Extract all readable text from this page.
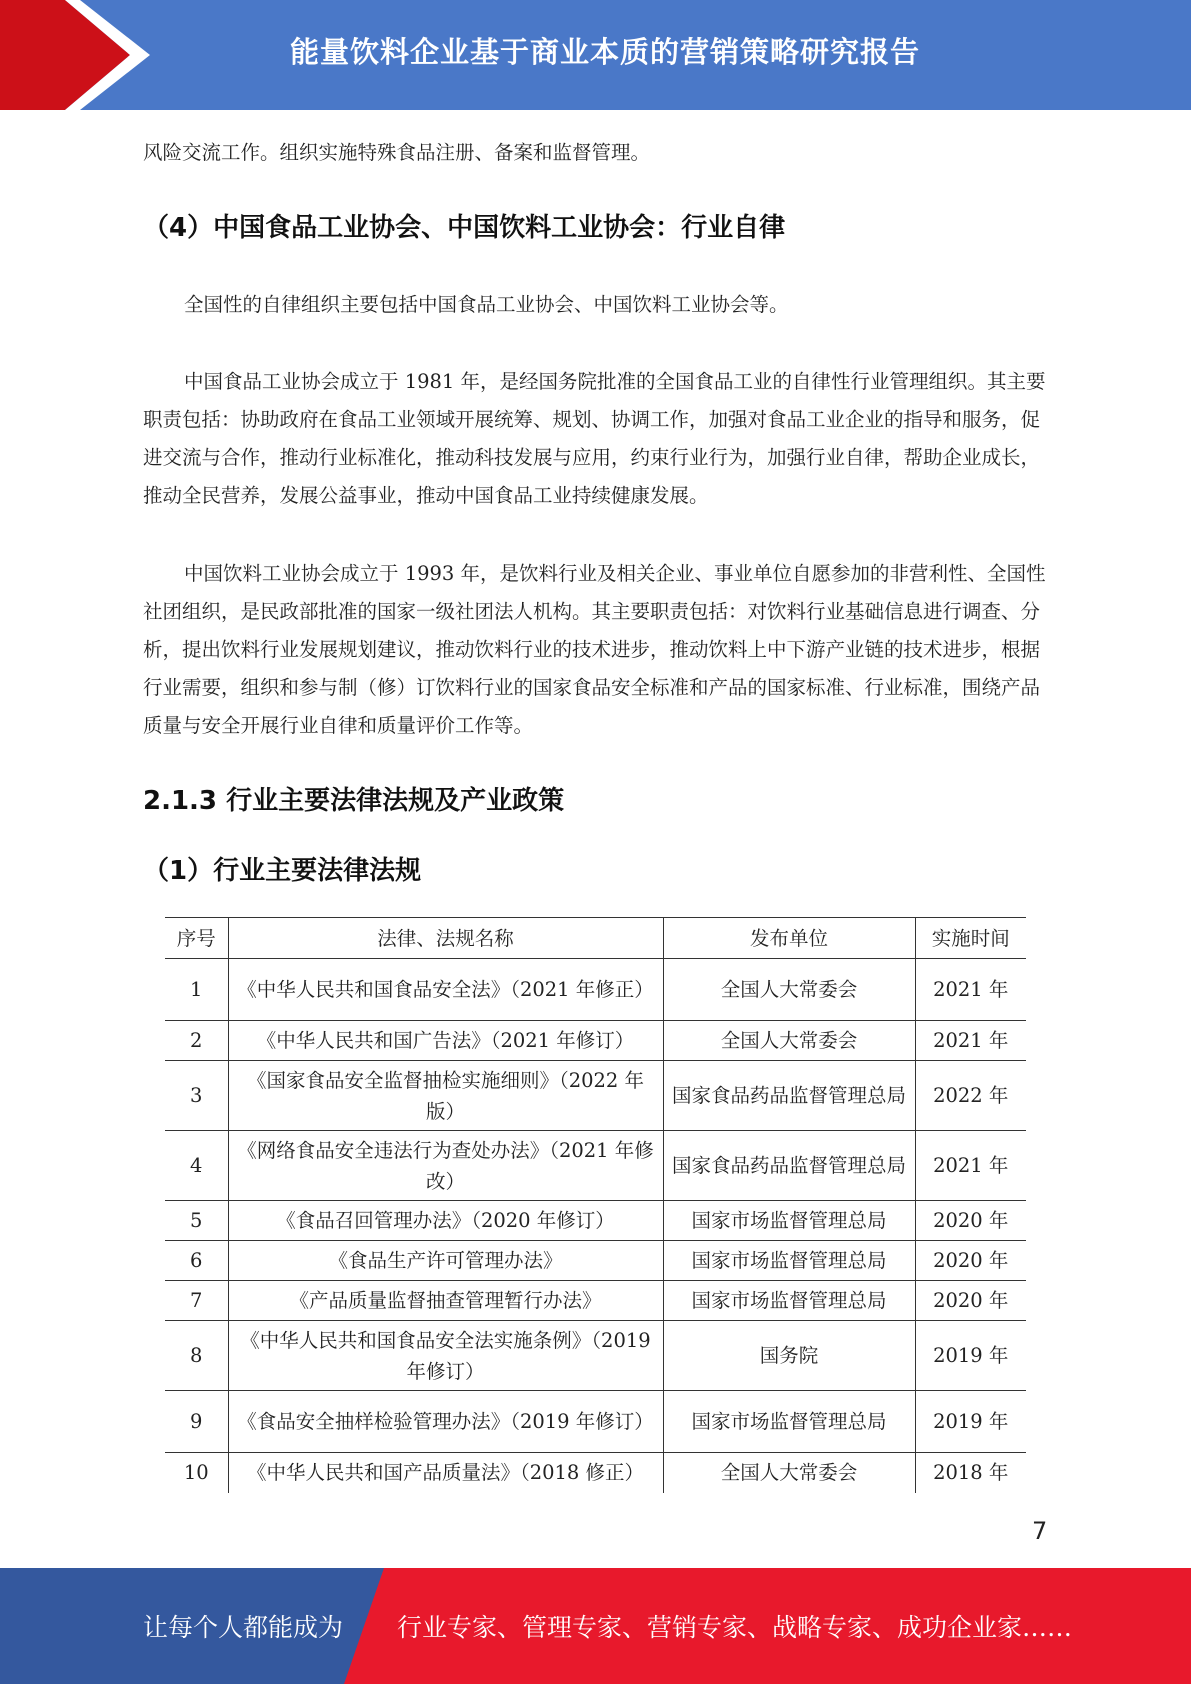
能量饮料企业基于商业本质的营销策略研究报告
风险交流工作。组织实施特殊食品注册、备案和监督管理。
（4）中国食品工业协会、中国饮料工业协会：行业自律
全国性的自律组织主要包括中国食品工业协会、中国饮料工业协会等。
中国食品工业协会成立于 1981 年，是经国务院批准的全国食品工业的自律性行业管理组织。其主要职责包括：协助政府在食品工业领域开展统筹、规划、协调工作，加强对食品工业企业的指导和服务，促进交流与合作，推动行业标准化，推动科技发展与应用，约束行业行为，加强行业自律，帮助企业成长，推动全民营养，发展公益事业，推动中国食品工业持续健康发展。
中国饮料工业协会成立于 1993 年，是饮料行业及相关企业、事业单位自愿参加的非营利性、全国性社团组织，是民政部批准的国家一级社团法人机构。其主要职责包括：对饮料行业基础信息进行调查、分析，提出饮料行业发展规划建议，推动饮料行业的技术进步，推动饮料上中下游产业链的技术进步，根据行业需要，组织和参与制（修）订饮料行业的国家食品安全标准和产品的国家标准、行业标准，围绕产品质量与安全开展行业自律和质量评价工作等。
2.1.3 行业主要法律法规及产业政策
（1）行业主要法律法规
序号	法律、法规名称	发布单位	实施时间
1	《中华人民共和国食品安全法》（2021 年修正）	全国人大常委会	2021 年
2	《中华人民共和国广告法》（2021 年修订）	全国人大常委会	2021 年
3	《国家食品安全监督抽检实施细则》（2022 年版）	国家食品药品监督管理总局	2022 年
4	《网络食品安全违法行为查处办法》（2021 年修改）	国家食品药品监督管理总局	2021 年
5	《食品召回管理办法》（2020 年修订）	国家市场监督管理总局	2020 年
6	《食品生产许可管理办法》	国家市场监督管理总局	2020 年
7	《产品质量监督抽查管理暂行办法》	国家市场监督管理总局	2020 年
8	《中华人民共和国食品安全法实施条例》（2019 年修订）	国务院	2019 年
9	《食品安全抽样检验管理办法》（2019 年修订）	国家市场监督管理总局	2019 年
10	《中华人民共和国产品质量法》（2018 修正）	全国人大常委会	2018 年
7
让每个人都能成为 行业专家、管理专家、营销专家、战略专家、成功企业家……
